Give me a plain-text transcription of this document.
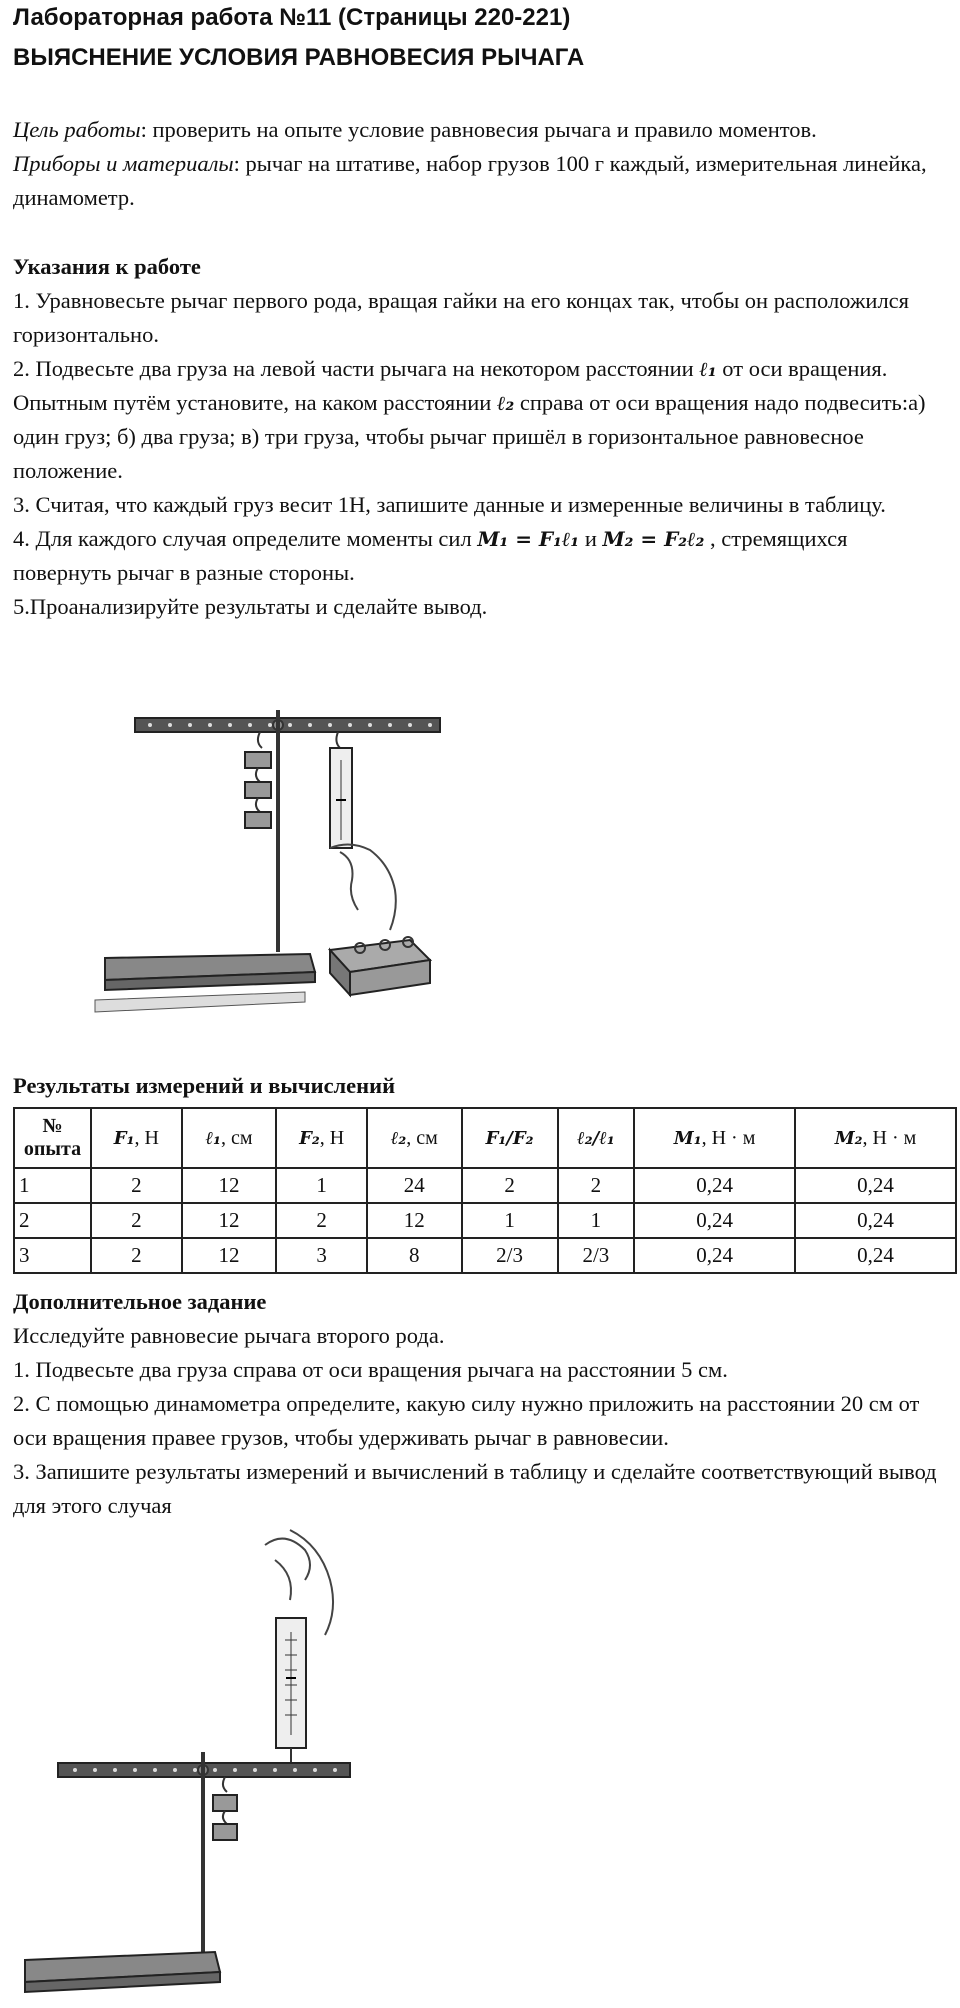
Лабораторная работа №11 (Страницы 220-221)
ВЫЯСНЕНИЕ УСЛОВИЯ РАВНОВЕСИЯ РЫЧАГА
Цель работы: проверить на опыте условие равновесия рычага и правило моментов.
Приборы и материалы: рычаг на штативе, набор грузов 100 г каждый, измерительная линейка, динамометр.
Указания к работе
1. Уравновесьте рычаг первого рода, вращая гайки на его концах так, чтобы он расположился горизонтально.
2. Подвесьте два груза на левой части рычага на некотором расстоянии ℓ₁ от оси вращения. Опытным путём установите, на каком расстоянии ℓ₂ справа от оси вращения надо подвесить:а) один груз; б) два груза; в) три груза, чтобы рычаг пришёл в горизонтальное равновесное положение.
3. Считая, что каждый груз весит 1Н, запишите данные и измеренные величины в таблицу.
4. Для каждого случая определите моменты сил M₁ = F₁ℓ₁ и M₂ = F₂ℓ₂ , стремящихся повернуть рычаг в разные стороны.
5.Проанализируйте результаты и сделайте вывод.
Результаты измерений и вычислений
№ опыта	F₁, Н	ℓ₁, см	F₂, Н	ℓ₂, см	F₁/F₂	ℓ₂/ℓ₁	M₁, Н · м	M₂, Н · м
1	2	12	1	24	2	2	0,24	0,24
2	2	12	2	12	1	1	0,24	0,24
3	2	12	3	8	2/3	2/3	0,24	0,24
Дополнительное задание
Исследуйте равновесие рычага второго рода.
1. Подвесьте два груза справа от оси вращения рычага на расстоянии 5 см.
2. С помощью динамометра определите, какую силу нужно приложить на расстоянии 20 см от оси вращения правее грузов, чтобы удерживать рычаг в равновесии.
3. Запишите результаты измерений и вычислений в таблицу и сделайте соответствующий вывод для этого случая
